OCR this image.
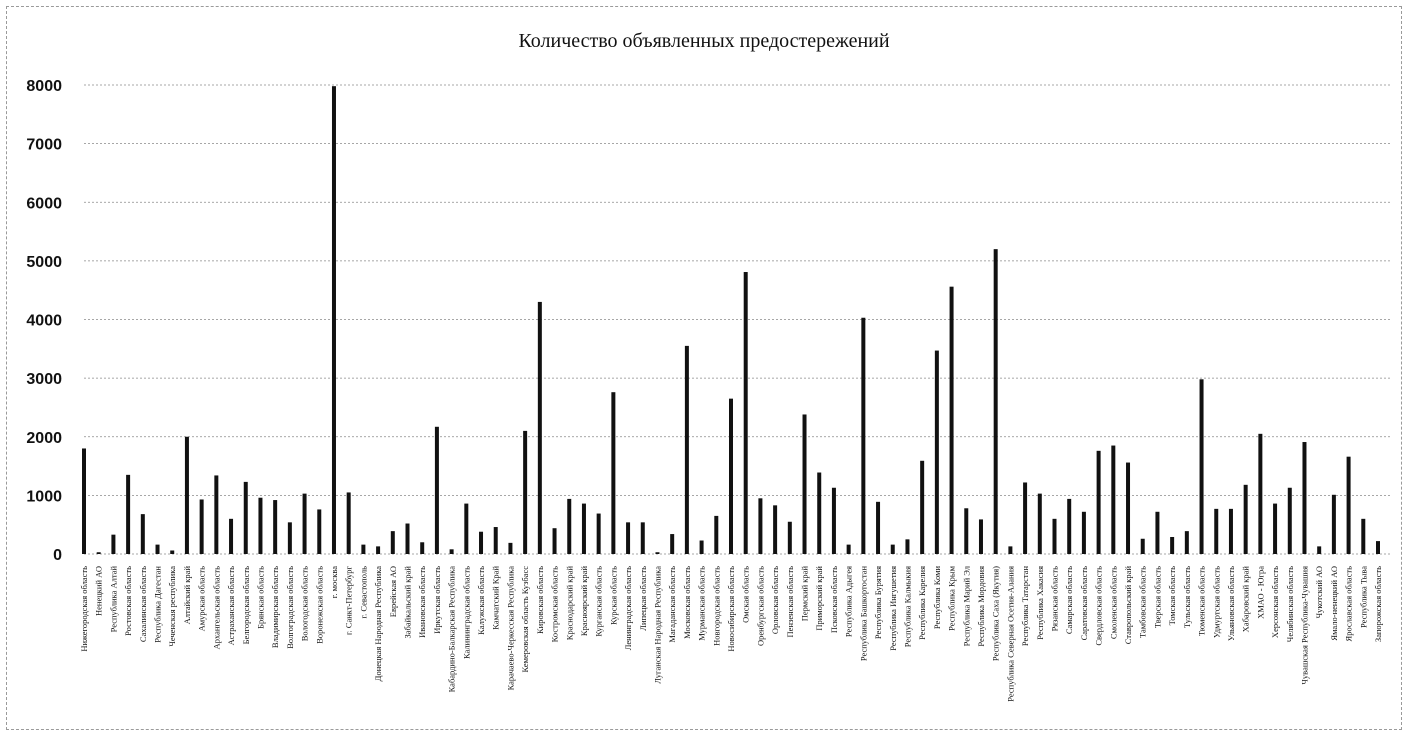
Количество объявленных предостережений
0
1000
2000
3000
4000
5000
6000
7000
8000
Нижегородская область Ненецкий АО Республика Алтай Ростовская область Сахалинская область Республика Дагестан Чеченская республика Алтайский край Амурская область Архангельская область Астраханская область Белгородская область Брянская область Владимирская область Волгоградская область Вологодская область Воронежская область г. москва г. Санкт-Петербург г. Севастополь Донецкая Народная Республика Еврейская АО Забайкальский край Ивановская область Иркутская область Кабардино-Балкарская Республика Калининградская область Калужская область Камчатский Край Карачаево-Черкесская Республика Кемеровская область Кузбасс Кировская область Костромская область Краснодарский край Красноярский край Курганская область Курская область Ленинградская область Липецкая область Луганская Народная Республика Магаданская область Московская область Мурманская область Новгородская область Новосибирская область Омская область Оренбургская область Орловская область Пензенская область Пермский край Приморский край Псковская область Республика Адыгея Республика Башкортостан Республика Бурятия Республика Ингушетия Республика Калмыкия Республика Карелия Республика Коми Республика Крым Республика Марий Эл Республика Мордовия Республика Саха (Якутия) Республика Северная Осетия-Алания Республика Татарстан Республика Хакасия Рязанская область Самарская область Саратовская область Свердловская область Смоленская область Ставропольский край Тамбовская область Тверская область Томская область Тульская область Тюменская область Удмуртская область Ульяновская область Хабаровский край ХМАО - Югра Херсонская область Челябинская область Чувашская Республика-Чувашия Чукотский АО Ямало-ненецкий АО Ярославская область Республика Тыва Запорожская область
